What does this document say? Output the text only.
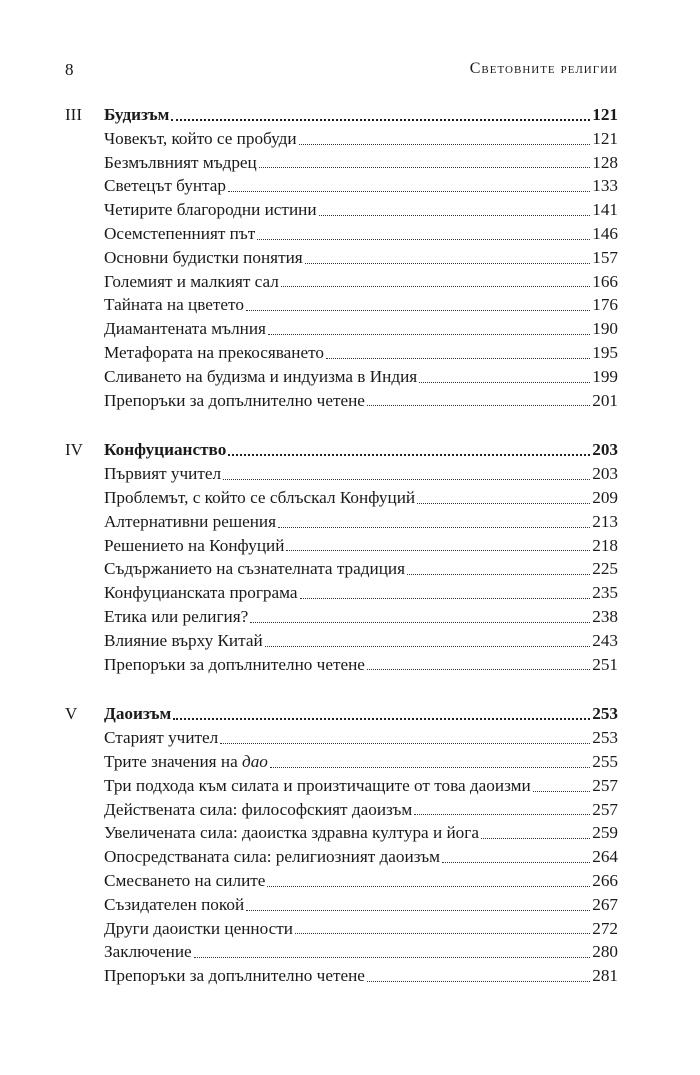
8	Световните религии
III	Будизъм	121
Човекът, който се пробуди	121
Безмълвният мъдрец	128
Светецът бунтар	133
Четирите благородни истини	141
Осемстепенният път	146
Основни будистки понятия	157
Големият и малкият сал	166
Тайната на цветето	176
Диамантената мълния	190
Метафората на прекосяването	195
Сливането на будизма и индуизма в Индия	199
Препоръки за допълнително четене	201
IV	Конфуцианство	203
Първият учител	203
Проблемът, с който се сблъскал Конфуций	209
Алтернативни решения	213
Решението на Конфуций	218
Съдържанието на съзнателната традиция	225
Конфуцианската програма	235
Етика или религия?	238
Влияние върху Китай	243
Препоръки за допълнително четене	251
V	Даоизъм	253
Старият учител	253
Трите значения на дао	255
Три подхода към силата и произтичащите от това даоизми	257
Действената сила: философският даоизъм	257
Увеличената сила: даоистка здравна култура и йога	259
Опосредстваната сила: религиозният даоизъм	264
Смесването на силите	266
Съзидателен покой	267
Други даоистки ценности	272
Заключение	280
Препоръки за допълнително четене	281
